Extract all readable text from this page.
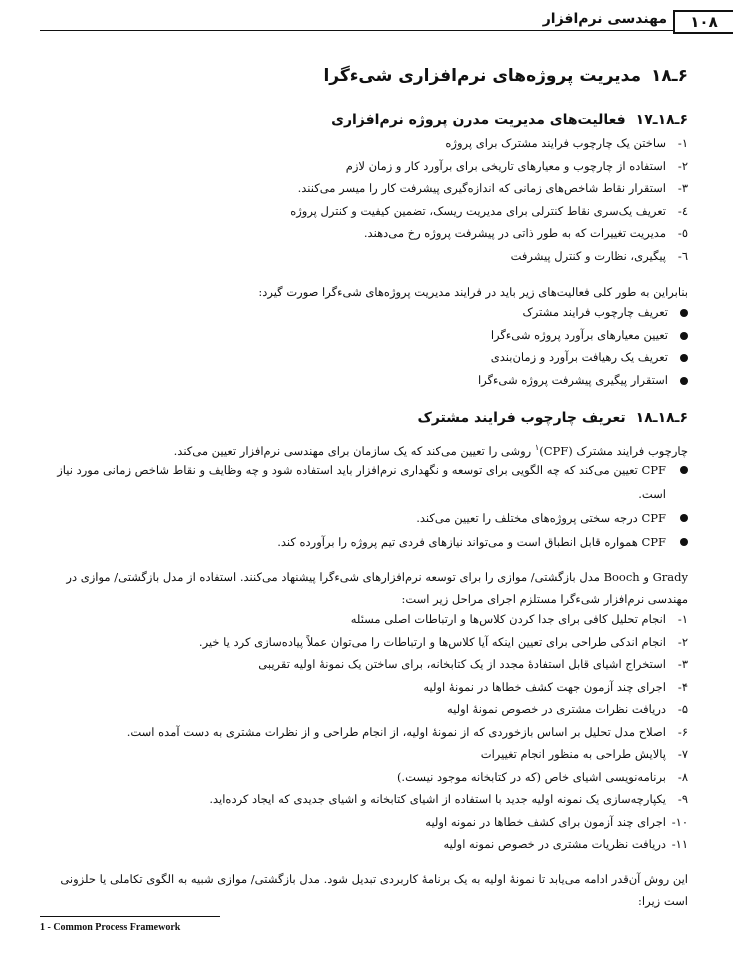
مهندسی نرم‌افزار	۱۰۸
۶ـ۱۸مدیریت پروژه‌های نرم‌افزاری شیءگرا
۶ـ۱۸ـ۱۷فعالیت‌های مدیریت مدرن پروژه نرم‌افزاری
۱-ساختن یک چارچوب فرایند مشترک برای پروژه
۲-استفاده از چارچوب و معیارهای تاریخی برای برآورد کار و زمان لازم
۳-استقرار نقاط شاخص‌های زمانی که اندازه‌گیری پیشرفت کار را میسر می‌کنند.
٤-تعریف یک‌سری نقاط کنترلی برای مدیریت ریسک، تضمین کیفیت و کنترل پروژه
٥-مدیریت تغییرات که به طور ذاتی در پیشرفت پروژه رخ می‌دهند.
٦-پیگیری، نظارت و کنترل پیشرفت
بنابراین به طور کلی فعالیت‌های زیر باید در فرایند مدیریت پروژه‌های شیءگرا صورت گیرد:
تعریف چارچوب فرایند مشترک
تعیین معیارهای برآورد پروژه شیءگرا
تعریف یک رهیافت برآورد و زمان‌بندی
استقرار پیگیری پیشرفت پروژه شیءگرا
۶ـ۱۸ـ۱۸تعریف چارچوب فرایند مشترک
چارچوب فرایند مشترک (CPF)$^۱$ روشی را تعیین می‌کند که یک سازمان برای مهندسی نرم‌افزار تعیین می‌کند.
CPF تعیین می‌کند که چه الگویی برای توسعه و نگهداری نرم‌افزار باید استفاده شود و چه وظایف و نقاط شاخص زمانی مورد نیاز است.
CPF درجه سختی پروژه‌های مختلف را تعیین می‌کند.
CPF همواره قابل انطباق است و می‌تواند نیازهای فردی تیم پروژه را برآورده کند.
Grady و Booch مدل بازگشتی/ موازی را برای توسعه نرم‌افزارهای شیءگرا پیشنهاد می‌کنند. استفاده از مدل بازگشتی/ موازی در مهندسی نرم‌افزار شیءگرا مستلزم اجرای مراحل زیر است:
۱-انجام تحلیل کافی برای جدا کردن کلاس‌ها و ارتباطات اصلی مسئله
۲-انجام اندکی طراحی برای تعیین اینکه آیا کلاس‌ها و ارتباطات را می‌توان عملاً پیاده‌سازی کرد یا خیر.
۳-استخراج اشیای قابل استفادهٔ مجدد از یک کتابخانه، برای ساختن یک نمونهٔ اولیه تقریبی
۴-اجرای چند آزمون جهت کشف خطاها در نمونهٔ اولیه
۵-دریافت نظرات مشتری در خصوص نمونهٔ اولیه
۶-اصلاح مدل تحلیل بر اساس بازخوردی که از نمونهٔ اولیه، از انجام طراحی و از نظرات مشتری به دست آمده است.
۷-پالایش طراحی به منظور انجام تغییرات
۸-برنامه‌نویسی اشیای خاص (که در کتابخانه موجود نیست.)
۹-یکپارچه‌سازی یک نمونه اولیه جدید با استفاده از اشیای کتابخانه و اشیای جدیدی که ایجاد کرده‌اید.
۱۰-اجرای چند آزمون برای کشف خطاها در نمونه اولیه
۱۱-دریافت نظریات مشتری در خصوص نمونه اولیه
این روش آن‌قدر ادامه می‌یابد تا نمونهٔ اولیه به یک برنامهٔ کاربردی تبدیل شود. مدل بازگشتی/ موازی شبیه به الگوی تکاملی یا حلزونی است زیرا:
1 - Common Process Framework
